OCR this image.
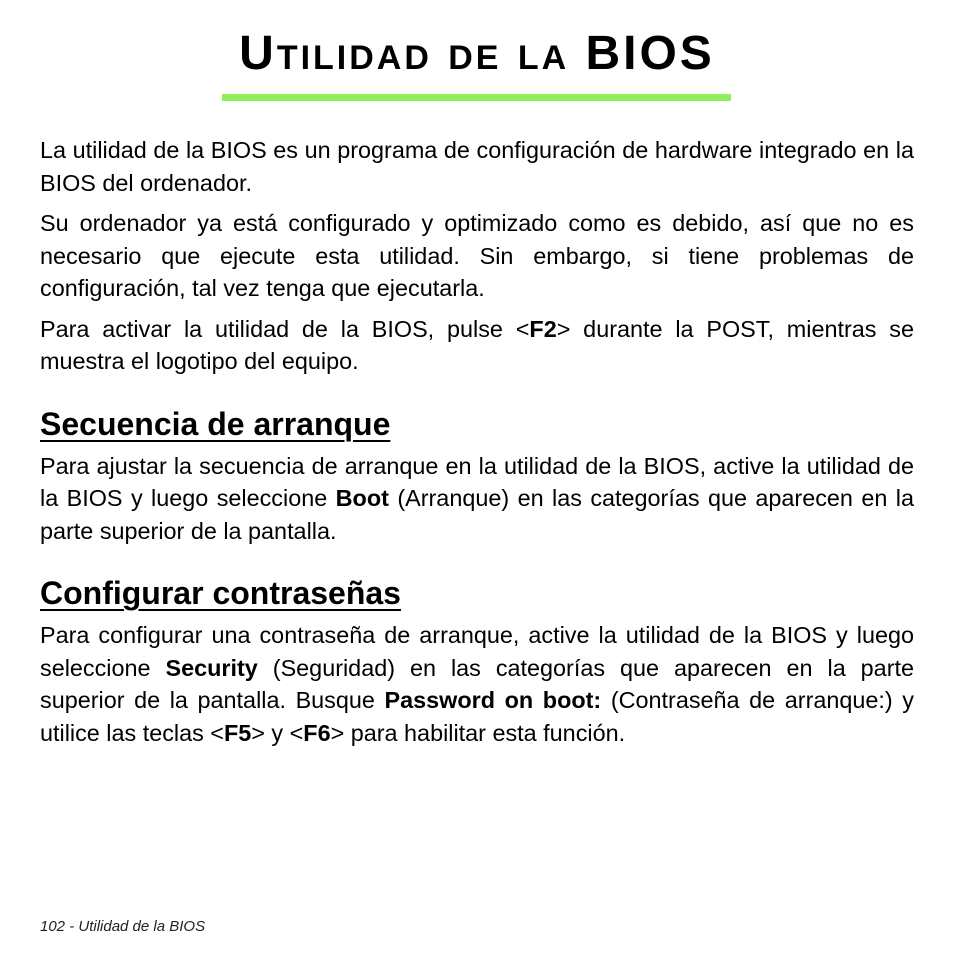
Utilidad de la BIOS

La utilidad de la BIOS es un programa de configuración de hardware integrado en la BIOS del ordenador.

Su ordenador ya está configurado y optimizado como es debido, así que no es necesario que ejecute esta utilidad. Sin embargo, si tiene problemas de configuración, tal vez tenga que ejecutarla.

Para activar la utilidad de la BIOS, pulse <F2> durante la POST, mientras se muestra el logotipo del equipo.

Secuencia de arranque

Para ajustar la secuencia de arranque en la utilidad de la BIOS, active la utilidad de la BIOS y luego seleccione Boot (Arranque) en las categorías que aparecen en la parte superior de la pantalla.

Configurar contraseñas

Para configurar una contraseña de arranque, active la utilidad de la BIOS y luego seleccione Security (Seguridad) en las categorías que aparecen en la parte superior de la pantalla. Busque Password on boot: (Contraseña de arranque:) y utilice las teclas <F5> y <F6> para habilitar esta función.

102 - Utilidad de la BIOS
